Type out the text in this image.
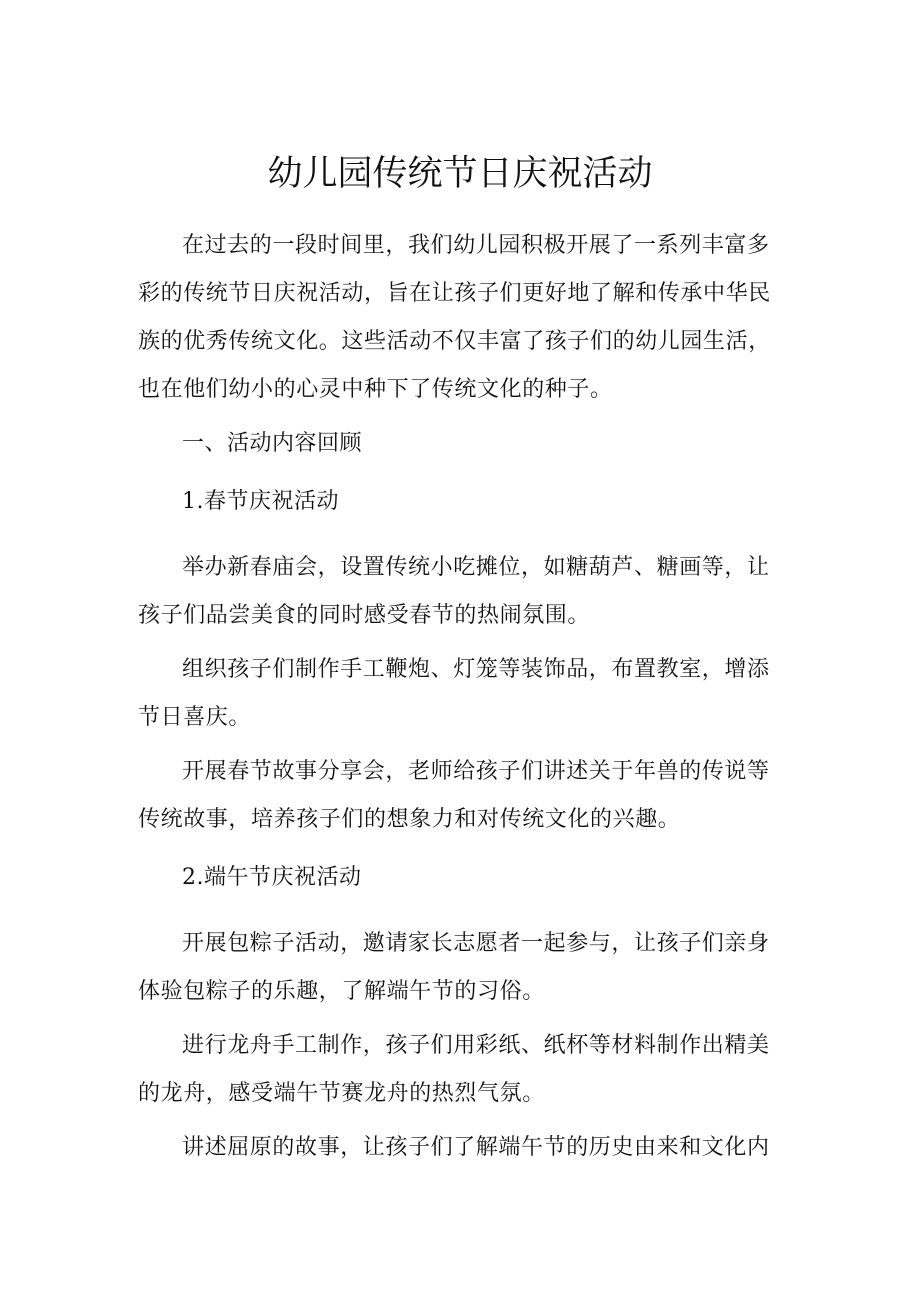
幼儿园传统节日庆祝活动

在过去的一段时间里，我们幼儿园积极开展了一系列丰富多
彩的传统节日庆祝活动，旨在让孩子们更好地了解和传承中华民
族的优秀传统文化。这些活动不仅丰富了孩子们的幼儿园生活，
也在他们幼小的心灵中种下了传统文化的种子。

一、活动内容回顾

1.春节庆祝活动

举办新春庙会，设置传统小吃摊位，如糖葫芦、糖画等，让
孩子们品尝美食的同时感受春节的热闹氛围。

组织孩子们制作手工鞭炮、灯笼等装饰品，布置教室，增添
节日喜庆。

开展春节故事分享会，老师给孩子们讲述关于年兽的传说等
传统故事，培养孩子们的想象力和对传统文化的兴趣。

2.端午节庆祝活动

开展包粽子活动，邀请家长志愿者一起参与，让孩子们亲身
体验包粽子的乐趣，了解端午节的习俗。

进行龙舟手工制作，孩子们用彩纸、纸杯等材料制作出精美
的龙舟，感受端午节赛龙舟的热烈气氛。

讲述屈原的故事，让孩子们了解端午节的历史由来和文化内
